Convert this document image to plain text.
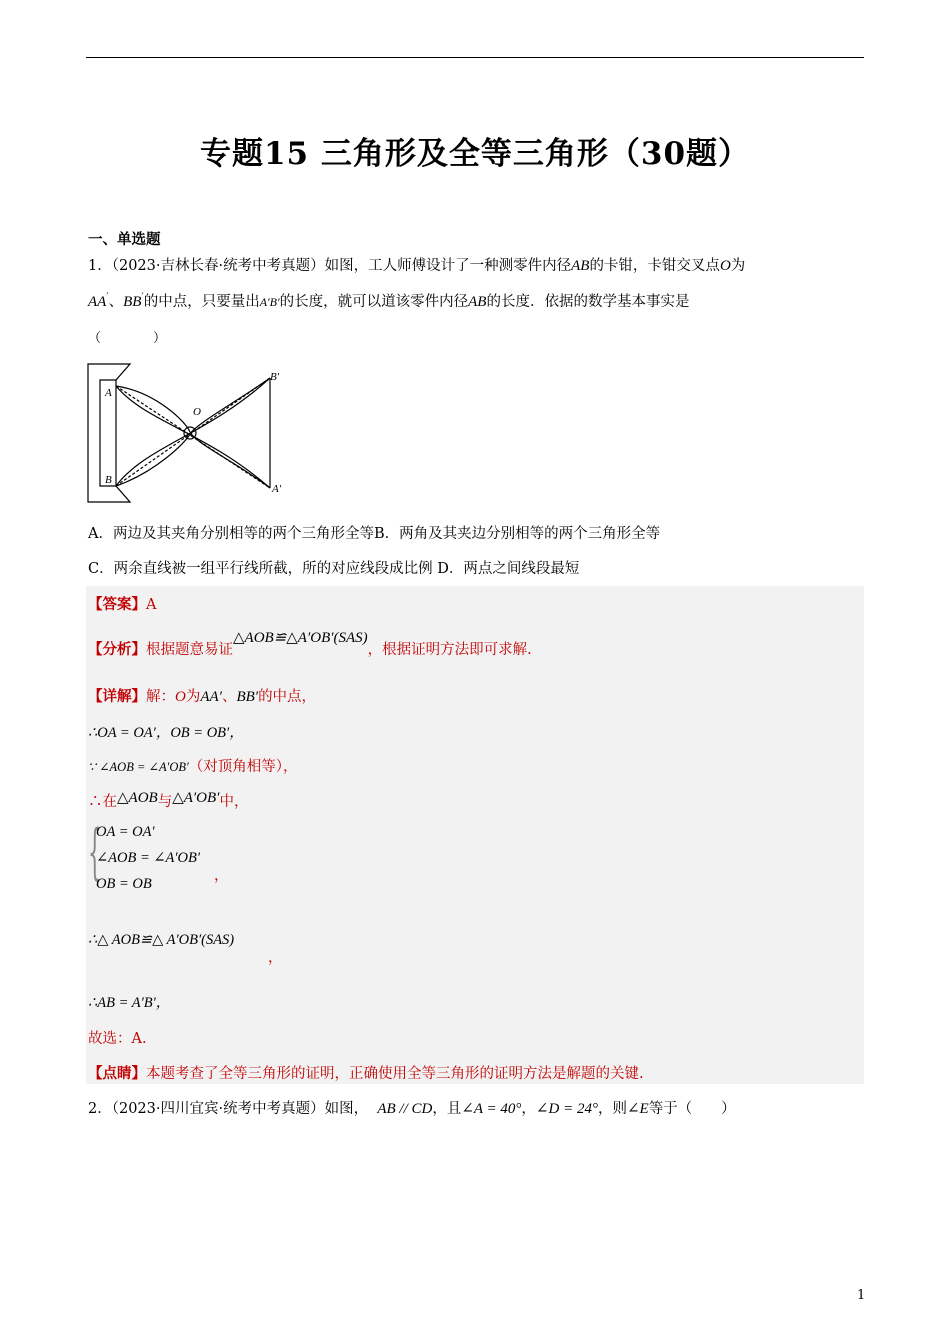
专题15 三角形及全等三角形（30题）
一、单选题
1．（2023·吉林长春·统考中考真题）如图，工人师傅设计了一种测零件内径AB的卡钳，卡钳交叉点O为
AA′、BB′的中点，只要量出A′B′的长度，就可以道该零件内径AB的长度．依据的数学基本事实是
（　　　　）
A
B
B′
A′
O
A．两边及其夹角分别相等的两个三角形全等B．两角及其夹边分别相等的两个三角形全等
C．两余直线被一组平行线所截，所的对应线段成比例 D．两点之间线段最短
【答案】A
【分析】根据题意易证△AOB≌△A′OB′(SAS)，根据证明方法即可求解.
【详解】解：O为AA′、BB′的中点，
∴OA = OA′，OB = OB′，
∵ ∠AOB = ∠A′OB′（对顶角相等），
∴在△AOB与△A′OB′中，
{
OA = OA′
∠AOB = ∠A′OB′
OB = OB	，
∴△ AOB≌△ A′OB′(SAS)
，
∴AB = A′B′，
故选：A.
【点睛】本题考查了全等三角形的证明，正确使用全等三角形的证明方法是解题的关键.
2．（2023·四川宜宾·统考中考真题）如图， AB // CD，且∠A = 40°，∠D = 24°，则∠E等于（　　）
1
